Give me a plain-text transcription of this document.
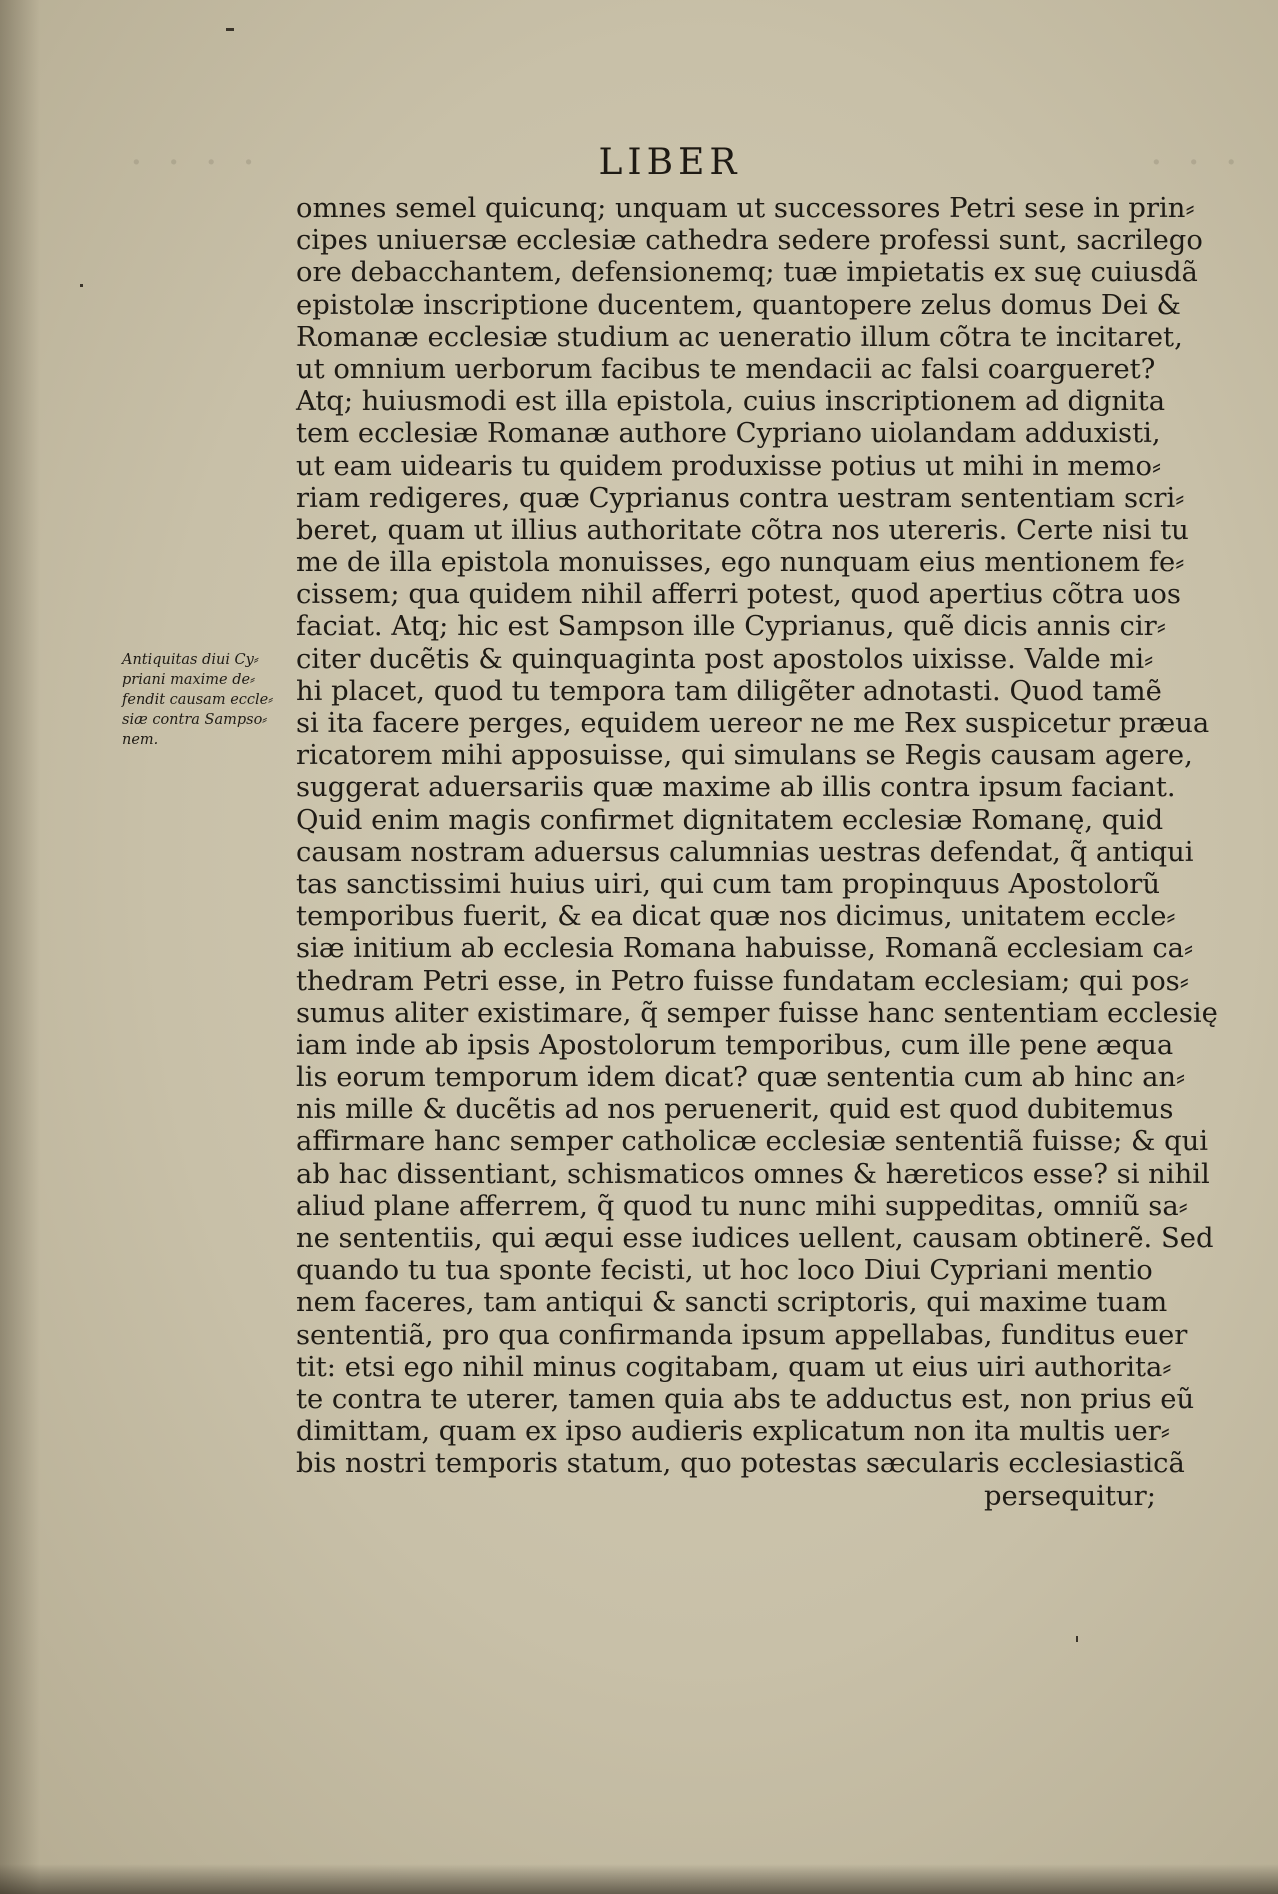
· · · ·	· · ·
LIBER
Antiquitas diui Cy⸗
priani maxime de⸗
fendit causam eccle⸗
siæ contra Sampso⸗
nem.
omnes semel quicunq; unquam ut successores Petri sese in prin⸗
cipes uniuersæ ecclesiæ cathedra sedere professi sunt, sacrilego
ore debacchantem, defensionemq; tuæ impietatis ex suę cuiusdã
epistolæ inscriptione ducentem, quantopere zelus domus Dei &
Romanæ ecclesiæ studium ac ueneratio illum cõtra te incitaret,
ut omnium uerborum facibus te mendacii ac falsi coargueret?
Atq; huiusmodi est illa epistola, cuius inscriptionem ad dignita
tem ecclesiæ Romanæ authore Cypriano uiolandam adduxisti,
ut eam uidearis tu quidem produxisse potius ut mihi in memo⸗
riam redigeres, quæ Cyprianus contra uestram sententiam scri⸗
beret, quam ut illius authoritate cõtra nos utereris. Certe nisi tu
me de illa epistola monuisses, ego nunquam eius mentionem fe⸗
cissem; qua quidem nihil afferri potest, quod apertius cõtra uos
faciat. Atq; hic est Sampson ille Cyprianus, quẽ dicis annis cir⸗
citer ducẽtis & quinquaginta post apostolos uixisse. Valde mi⸗
hi placet, quod tu tempora tam diligẽter adnotasti. Quod tamẽ
si ita facere perges, equidem uereor ne me Rex suspicetur præua
ricatorem mihi apposuisse, qui simulans se Regis causam agere,
suggerat aduersariis quæ maxime ab illis contra ipsum faciant.
Quid enim magis confirmet dignitatem ecclesiæ Romanę, quid
causam nostram aduersus calumnias uestras defendat, q̃ antiqui
tas sanctissimi huius uiri, qui cum tam propinquus Apostolorũ
temporibus fuerit, & ea dicat quæ nos dicimus, unitatem eccle⸗
siæ initium ab ecclesia Romana habuisse, Romanã ecclesiam ca⸗
thedram Petri esse, in Petro fuisse fundatam ecclesiam; qui pos⸗
sumus aliter existimare, q̃ semper fuisse hanc sententiam ecclesię
iam inde ab ipsis Apostolorum temporibus, cum ille pene æqua
lis eorum temporum idem dicat? quæ sententia cum ab hinc an⸗
nis mille & ducẽtis ad nos peruenerit, quid est quod dubitemus
affirmare hanc semper catholicæ ecclesiæ sententiã fuisse; & qui
ab hac dissentiant, schismaticos omnes & hæreticos esse? si nihil
aliud plane afferrem, q̃ quod tu nunc mihi suppeditas, omniũ sa⸗
ne sententiis, qui æqui esse iudices uellent, causam obtinerẽ. Sed
quando tu tua sponte fecisti, ut hoc loco Diui Cypriani mentio
nem faceres, tam antiqui & sancti scriptoris, qui maxime tuam
sententiã, pro qua confirmanda ipsum appellabas, funditus euer
tit: etsi ego nihil minus cogitabam, quam ut eius uiri authorita⸗
te contra te uterer, tamen quia abs te adductus est, non prius eũ
dimittam, quam ex ipso audieris explicatum non ita multis uer⸗
bis nostri temporis statum, quo potestas sæcularis ecclesiasticã
persequitur;
